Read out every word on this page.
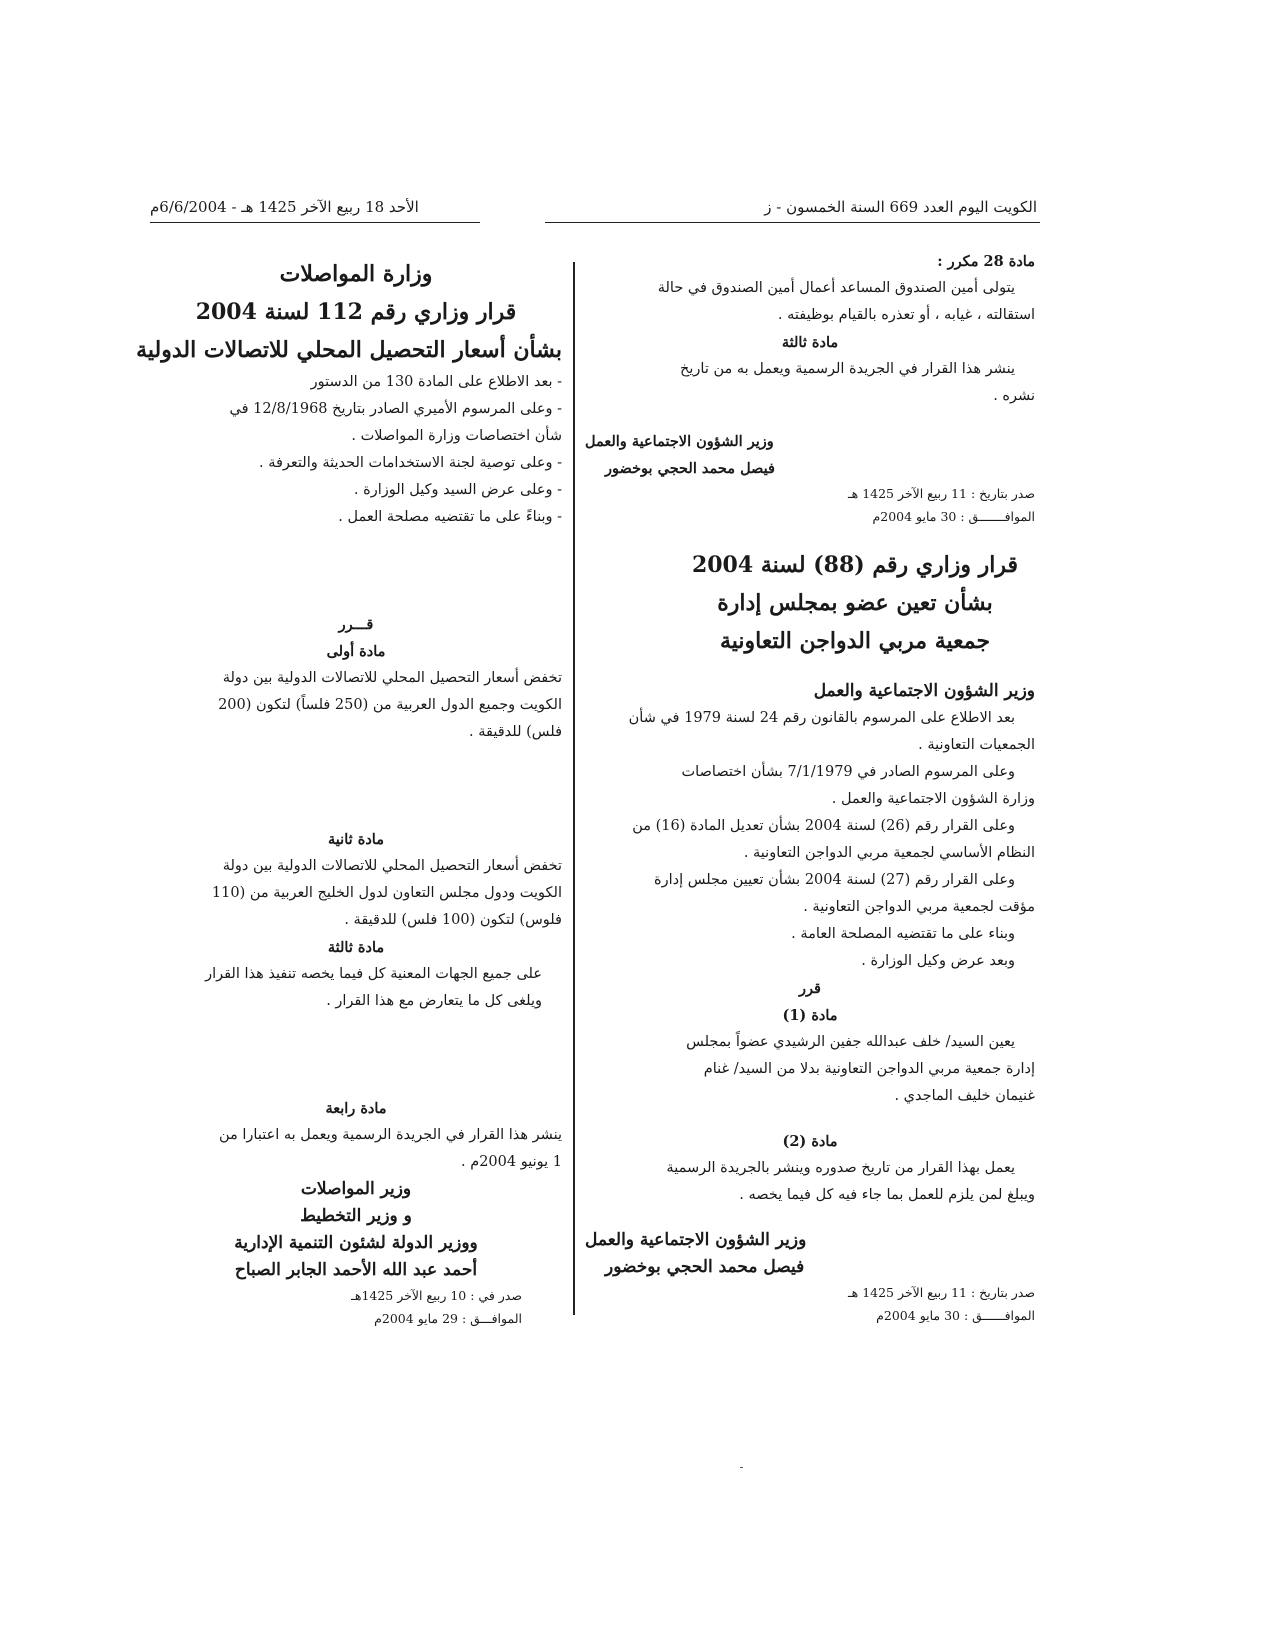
الكويت اليوم العدد 669 السنة الخمسون - ز
الأحد 18 ربيع الآخر 1425 هـ - 6/6/2004م
مادة 28 مكرر :
يتولى أمين الصندوق المساعد أعمال أمين الصندوق في حالة
استقالته ، غيابه ، أو تعذره بالقيام بوظيفته .
مادة ثالثة
ينشر هذا القرار في الجريدة الرسمية ويعمل به من تاريخ
نشره .
وزير الشؤون الاجتماعية والعمل
فيصل محمد الحجي بوخضور
صدر بتاريخ : 11 ربيع الآخر 1425 هـ
الموافـــــــق : 30 مايو 2004م
قرار وزاري رقم (88) لسنة 2004
بشأن تعين عضو بمجلس إدارة
جمعية مربي الدواجن التعاونية
وزير الشؤون الاجتماعية والعمل
بعد الاطلاع على المرسوم بالقانون رقم 24 لسنة 1979 في شأن
الجمعيات التعاونية .
وعلى المرسوم الصادر في 7/1/1979 بشأن اختصاصات
وزارة الشؤون الاجتماعية والعمل .
وعلى القرار رقم (26) لسنة 2004 بشأن تعديل المادة (16) من
النظام الأساسي لجمعية مربي الدواجن التعاونية .
وعلى القرار رقم (27) لسنة 2004 بشأن تعيين مجلس إدارة
مؤقت لجمعية مربي الدواجن التعاونية .
وبناء على ما تقتضيه المصلحة العامة .
وبعد عرض وكيل الوزارة .
قرر
مادة (1)
يعين السيد/ خلف عبدالله جفين الرشيدي عضواً بمجلس
إدارة جمعية مربي الدواجن التعاونية بدلا من السيد/ غنام
غنيمان خليف الماجدي .
مادة (2)
يعمل بهذا القرار من تاريخ صدوره وينشر بالجريدة الرسمية
ويبلغ لمن يلزم للعمل بما جاء فيه كل فيما يخصه .
وزير الشؤون الاجتماعية والعمل
فيصل محمد الحجي بوخضور
صدر بتاريخ : 11 ربيع الآخر 1425 هـ
الموافــــــق : 30 مايو 2004م
وزارة المواصلات
قرار وزاري رقم 112 لسنة 2004
بشأن أسعار التحصيل المحلي للاتصالات الدولية
- بعد الاطلاع على المادة 130 من الدستور
- وعلى المرسوم الأميري الصادر بتاريخ 12/8/1968 في
شأن اختصاصات وزارة المواصلات .
- وعلى توصية لجنة الاستخدامات الحديثة والتعرفة .
- وعلى عرض السيد وكيل الوزارة .
- وبناءً على ما تقتضيه مصلحة العمل .
قـــرر
مادة أولى
تخفض أسعار التحصيل المحلي للاتصالات الدولية بين دولة
الكويت وجميع الدول العربية من (250 فلساً) لتكون (200
فلس) للدقيقة .
مادة ثانية
تخفض أسعار التحصيل المحلي للاتصالات الدولية بين دولة
الكويت ودول مجلس التعاون لدول الخليج العربية من (110
فلوس) لتكون (100 فلس) للدقيقة .
مادة ثالثة
على جميع الجهات المعنية كل فيما يخصه تنفيذ هذا القرار
ويلغى كل ما يتعارض مع هذا القرار .
مادة رابعة
ينشر هذا القرار في الجريدة الرسمية ويعمل به اعتبارا من
1 يونيو 2004م .
وزير المواصلات
و وزير التخطيط
ووزير الدولة لشئون التنمية الإدارية
أحمد عبد الله الأحمد الجابر الصباح
صدر في : 10 ربيع الآخر 1425هـ
الموافـــق : 29 مايو 2004م
